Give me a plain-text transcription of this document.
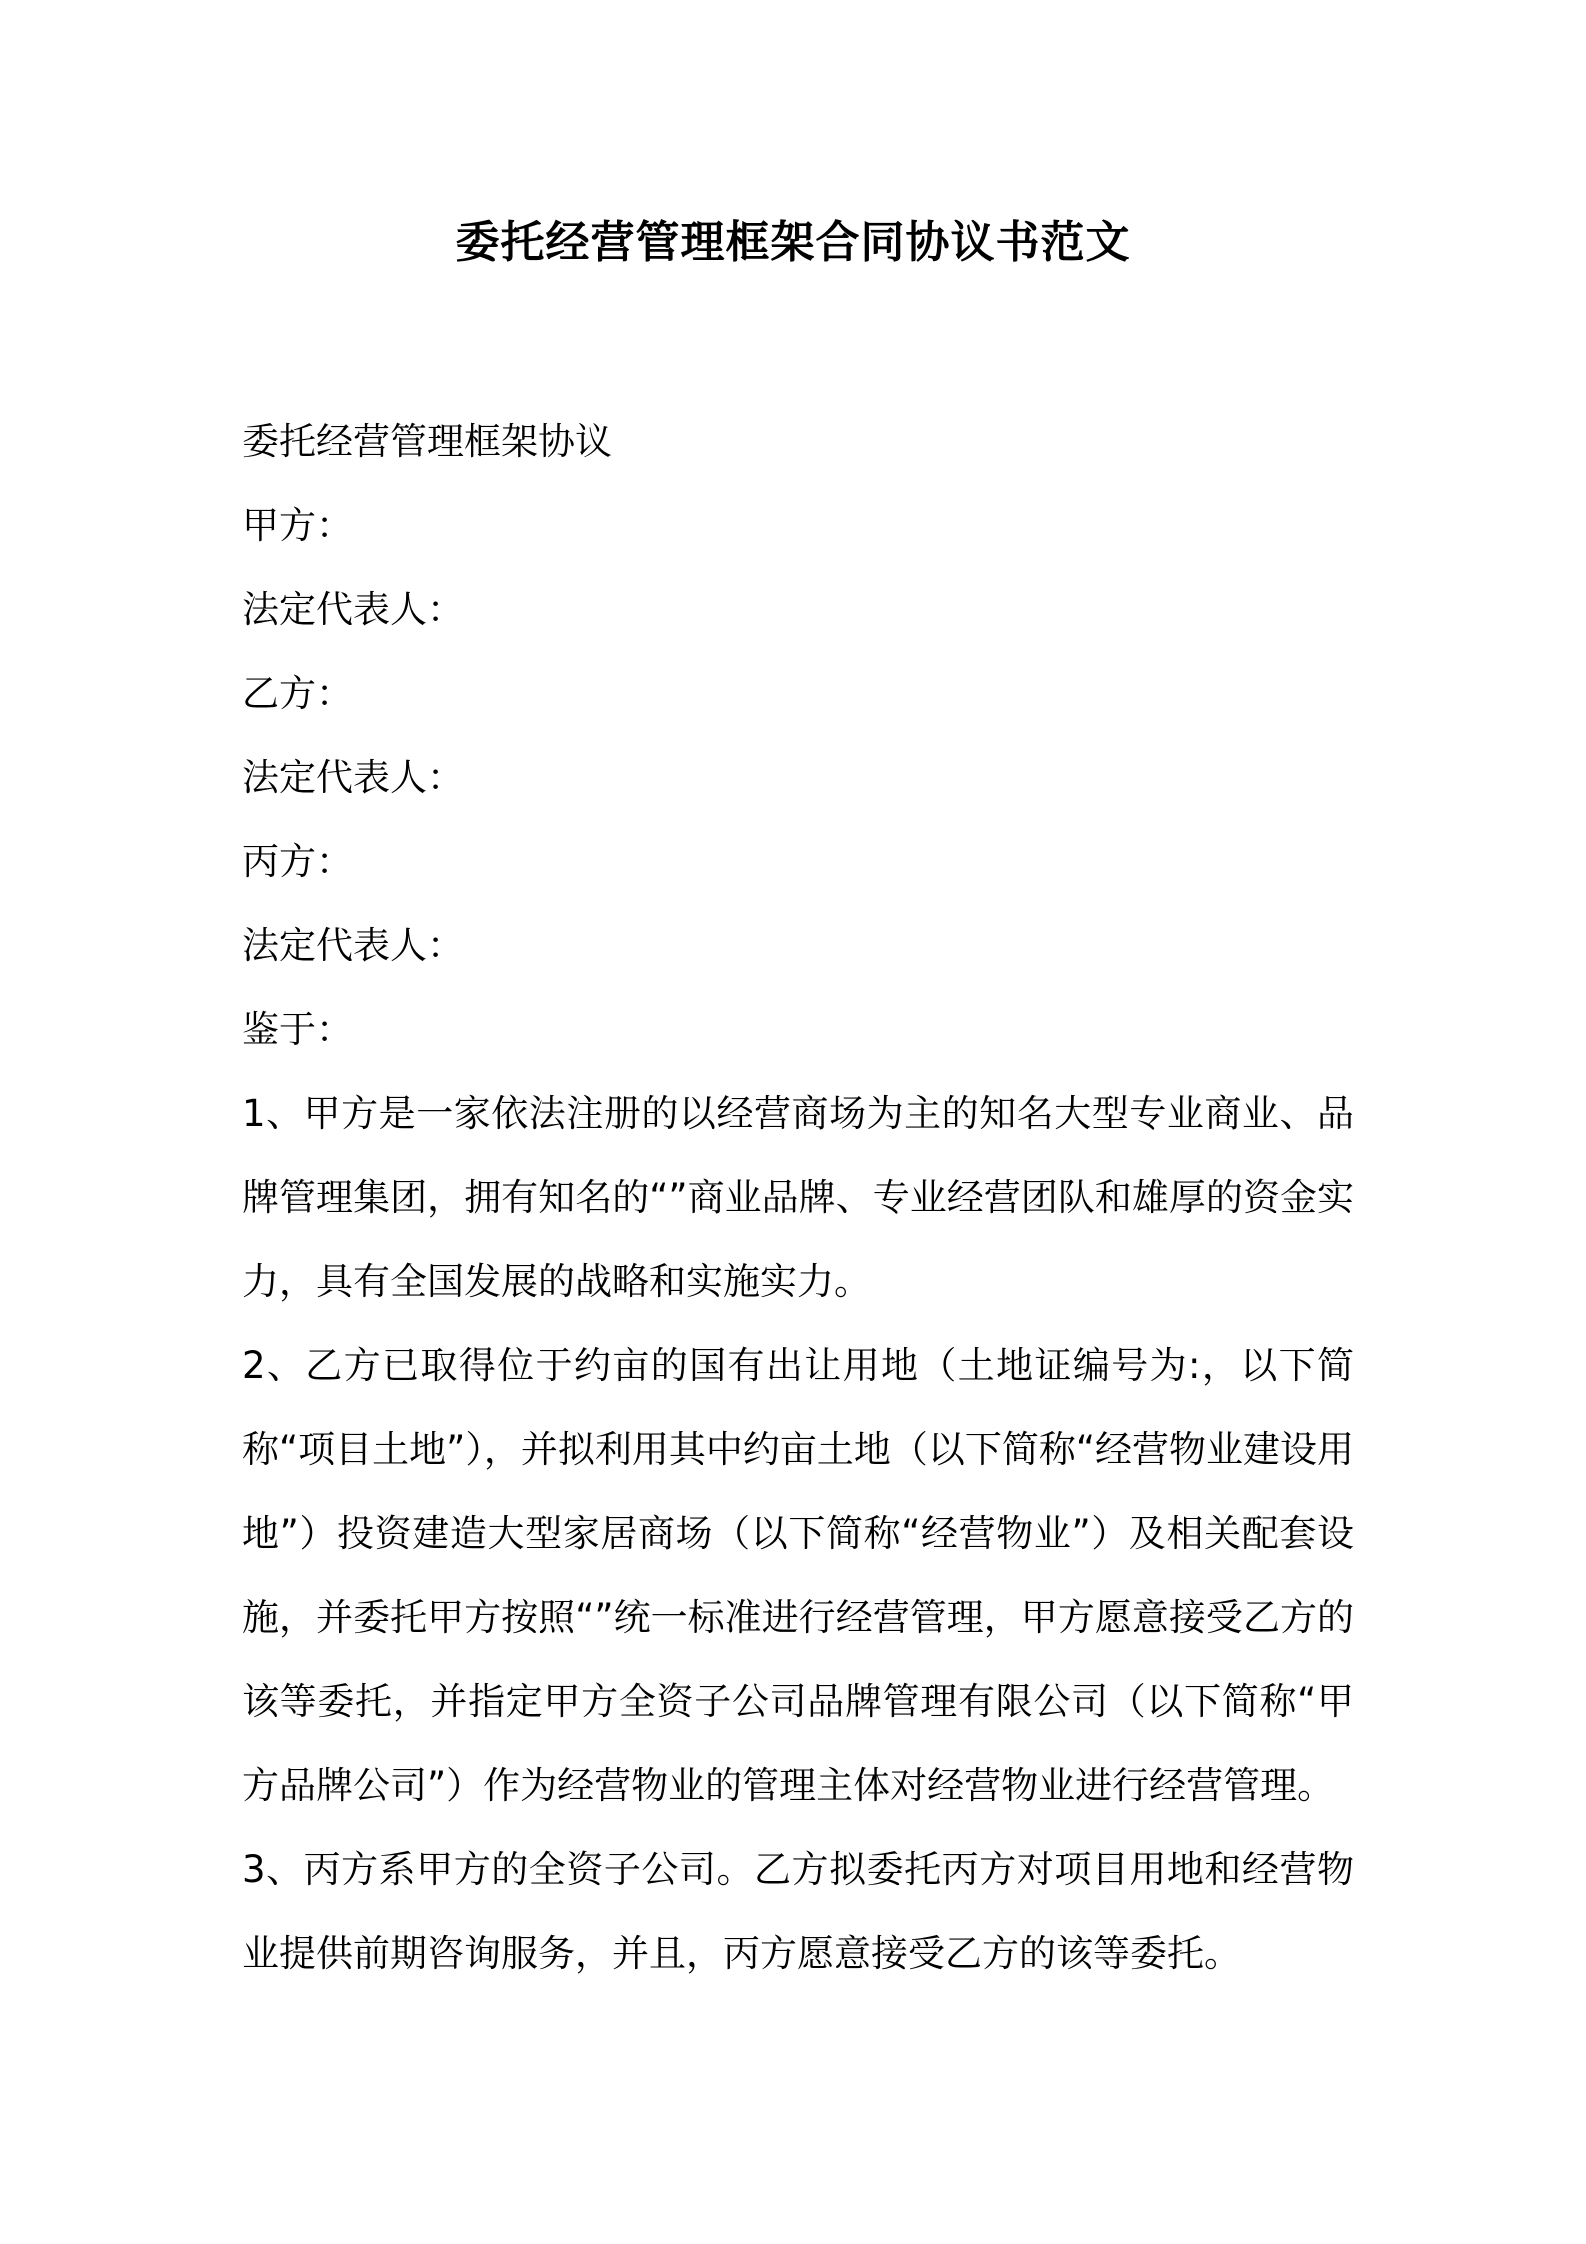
委托经营管理框架合同协议书范文
委托经营管理框架协议
甲方：
法定代表人：
乙方：
法定代表人：
丙方：
法定代表人：
鉴于：
1、甲方是一家依法注册的以经营商场为主的知名大型专业商业、品牌管理集团，拥有知名的“”商业品牌、专业经营团队和雄厚的资金实力，具有全国发展的战略和实施实力。
2、乙方已取得位于约亩的国有出让用地（土地证编号为:，以下简称“项目土地”），并拟利用其中约亩土地（以下简称“经营物业建设用地”）投资建造大型家居商场（以下简称“经营物业”）及相关配套设施，并委托甲方按照“”统一标准进行经营管理，甲方愿意接受乙方的该等委托，并指定甲方全资子公司品牌管理有限公司（以下简称“甲方品牌公司”）作为经营物业的管理主体对经营物业进行经营管理。
3、丙方系甲方的全资子公司。乙方拟委托丙方对项目用地和经营物业提供前期咨询服务，并且，丙方愿意接受乙方的该等委托。
